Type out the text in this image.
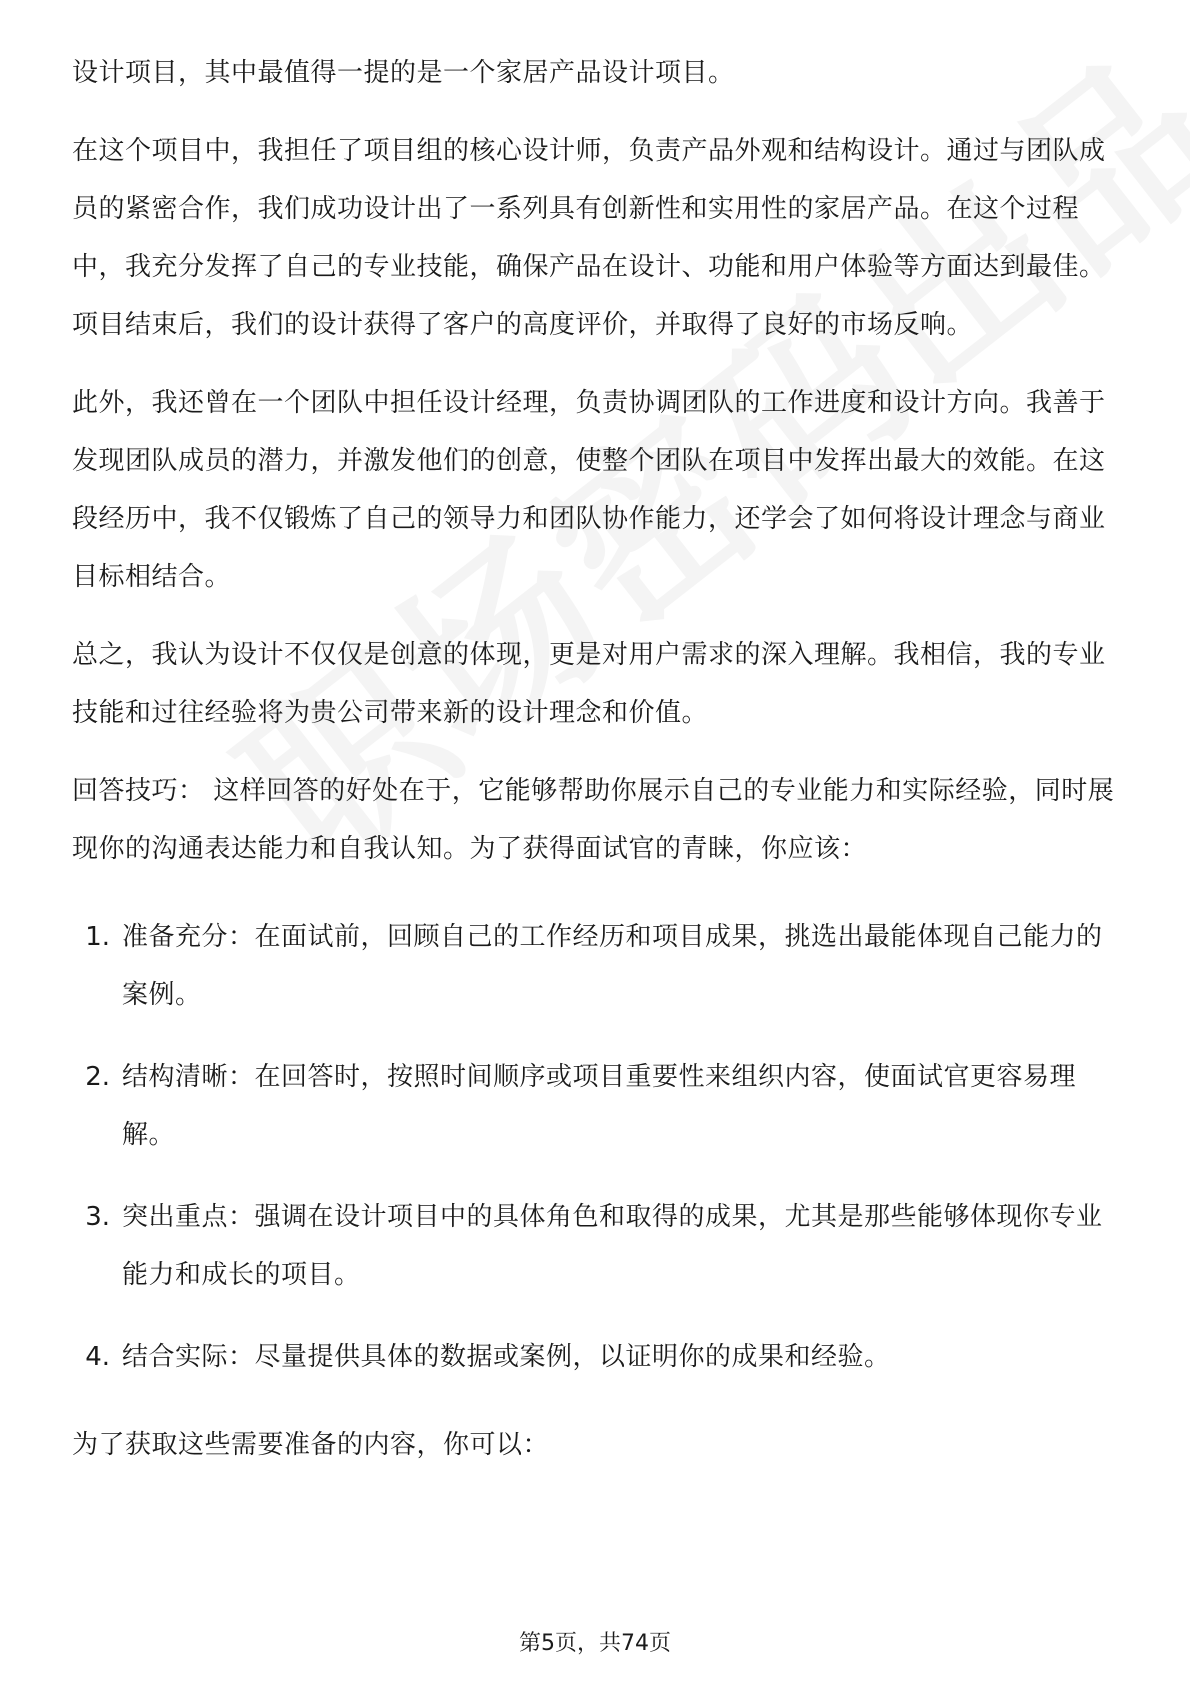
设计项目，其中最值得一提的是一个家居产品设计项目。

在这个项目中，我担任了项目组的核心设计师，负责产品外观和结构设计。通过与团队成员的紧密合作，我们成功设计出了一系列具有创新性和实用性的家居产品。在这个过程中，我充分发挥了自己的专业技能，确保产品在设计、功能和用户体验等方面达到最佳。项目结束后，我们的设计获得了客户的高度评价，并取得了良好的市场反响。

此外，我还曾在一个团队中担任设计经理，负责协调团队的工作进度和设计方向。我善于发现团队成员的潜力，并激发他们的创意，使整个团队在项目中发挥出最大的效能。在这段经历中，我不仅锻炼了自己的领导力和团队协作能力，还学会了如何将设计理念与商业目标相结合。

总之，我认为设计不仅仅是创意的体现，更是对用户需求的深入理解。我相信，我的专业技能和过往经验将为贵公司带来新的设计理念和价值。

回答技巧： 这样回答的好处在于，它能够帮助你展示自己的专业能力和实际经验，同时展现你的沟通表达能力和自我认知。为了获得面试官的青睐，你应该：

1. 准备充分：在面试前，回顾自己的工作经历和项目成果，挑选出最能体现自己能力的案例。
2. 结构清晰：在回答时，按照时间顺序或项目重要性来组织内容，使面试官更容易理解。
3. 突出重点：强调在设计项目中的具体角色和取得的成果，尤其是那些能够体现你专业能力和成长的项目。
4. 结合实际：尽量提供具体的数据或案例，以证明你的成果和经验。

为了获取这些需要准备的内容，你可以：

第5页，共74页
